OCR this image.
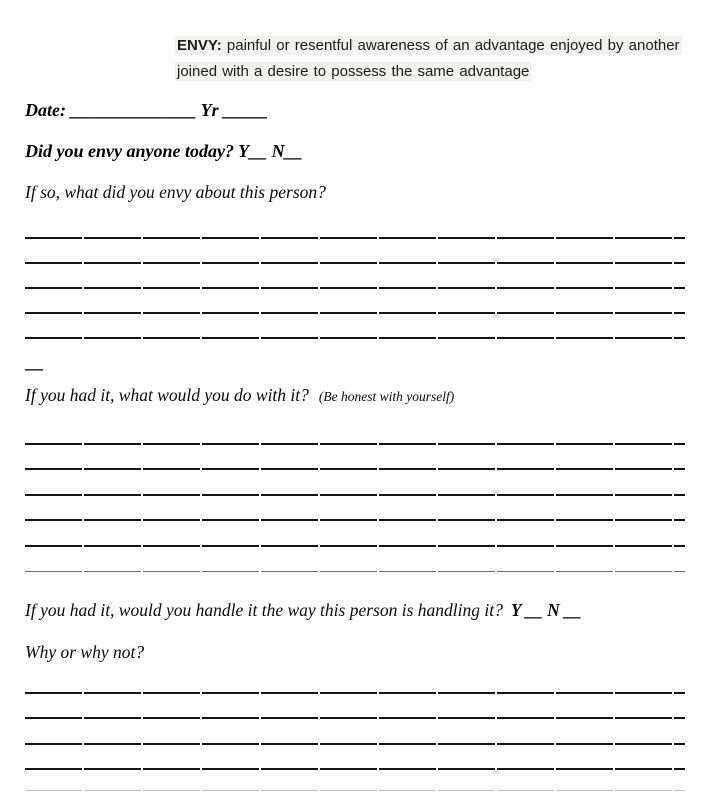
ENVY: painful or resentful awareness of an advantage enjoyed by another joined with a desire to possess the same advantage

Date: ______________ Yr _____
Did you envy anyone today? Y__ N__
If so, what did you envy about this person?
__
If you had it, what would you do with it? (Be honest with yourself)
If you had it, would you handle it the way this person is handling it? Y __ N __
Why or why not?
